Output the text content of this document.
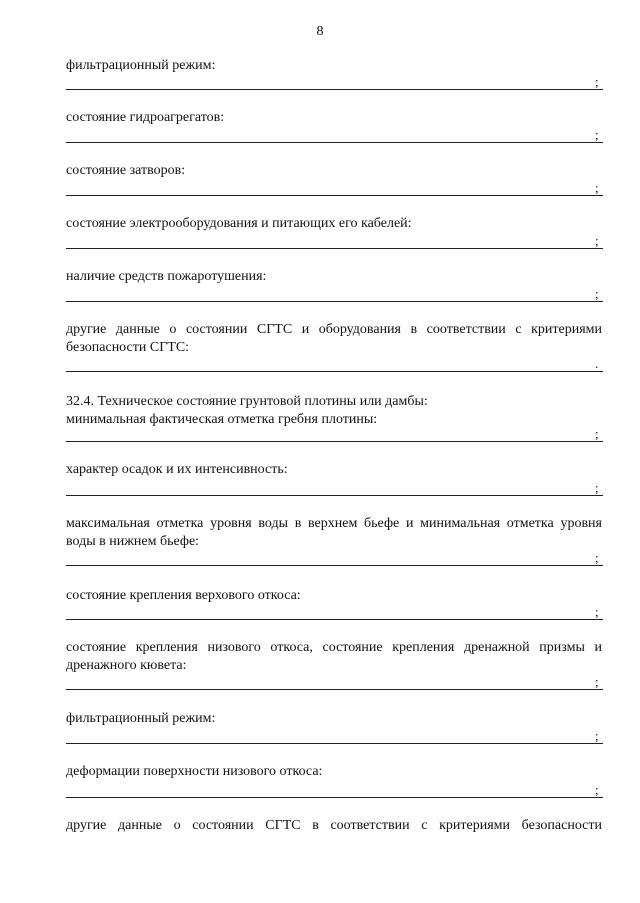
8
фильтрационный режим:
;
состояние гидроагрегатов:
;
состояние затворов:
;
состояние электрооборудования и питающих его кабелей:
;
наличие средств пожаротушения:
;
другие данные о состоянии СГТС и оборудования в соответствии с критериями безопасности СГТС:
.
32.4. Техническое состояние грунтовой плотины или дамбы:
минимальная фактическая отметка гребня плотины:
;
характер осадок и их интенсивность:
;
максимальная отметка уровня воды в верхнем бьефе и минимальная отметка уровня воды в нижнем бьефе:
;
состояние крепления верхового откоса:
;
состояние крепления низового откоса, состояние крепления дренажной призмы и дренажного кювета:
;
фильтрационный режим:
;
деформации поверхности низового откоса:
;
другие данные о состоянии СГТС в соответствии с критериями безопасности
